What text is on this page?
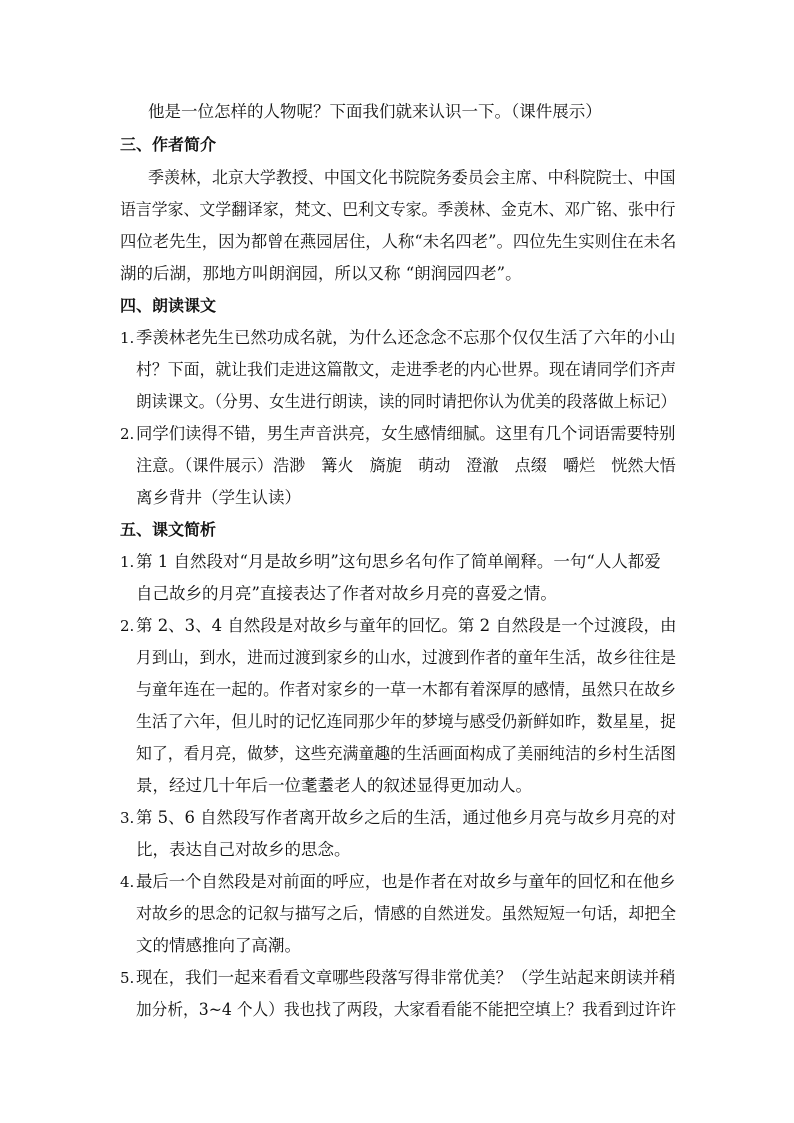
他是一位怎样的人物呢？下面我们就来认识一下。（课件展示）
三、作者简介
季羡林，北京大学教授、中国文化书院院务委员会主席、中科院院士、中国
语言学家、文学翻译家，梵文、巴利文专家。季羡林、金克木、邓广铭、张中行
四位老先生，因为都曾在燕园居住，人称“未名四老”。四位先生实则住在未名
湖的后湖，那地方叫朗润园，所以又称 “朗润园四老”。
四、朗读课文
1. 季羡林老先生已然功成名就，为什么还念念不忘那个仅仅生活了六年的小山
村？下面，就让我们走进这篇散文，走进季老的内心世界。现在请同学们齐声
朗读课文。（分男、女生进行朗读，读的同时请把你认为优美的段落做上标记）
2. 同学们读得不错，男生声音洪亮，女生感情细腻。这里有几个词语需要特别
注意。（课件展示）浩渺　篝火　旖旎　萌动　澄澈　点缀　嚼烂　恍然大悟
离乡背井（学生认读）
五、课文简析
1. 第 1 自然段对“月是故乡明”这句思乡名句作了简单阐释。一句“人人都爱
自己故乡的月亮”直接表达了作者对故乡月亮的喜爱之情。
2. 第 2、3、4 自然段是对故乡与童年的回忆。第 2 自然段是一个过渡段，由
月到山，到水，进而过渡到家乡的山水，过渡到作者的童年生活，故乡往往是
与童年连在一起的。作者对家乡的一草一木都有着深厚的感情，虽然只在故乡
生活了六年，但儿时的记忆连同那少年的梦境与感受仍新鲜如昨，数星星，捉
知了，看月亮，做梦，这些充满童趣的生活画面构成了美丽纯洁的乡村生活图
景，经过几十年后一位耄耋老人的叙述显得更加动人。
3. 第 5、6 自然段写作者离开故乡之后的生活，通过他乡月亮与故乡月亮的对
比，表达自己对故乡的思念。
4. 最后一个自然段是对前面的呼应，也是作者在对故乡与童年的回忆和在他乡
对故乡的思念的记叙与描写之后，情感的自然迸发。虽然短短一句话，却把全
文的情感推向了高潮。
5. 现在，我们一起来看看文章哪些段落写得非常优美？（学生站起来朗读并稍
加分析，3~4 个人）我也找了两段，大家看看能不能把空填上？我看到过许许
